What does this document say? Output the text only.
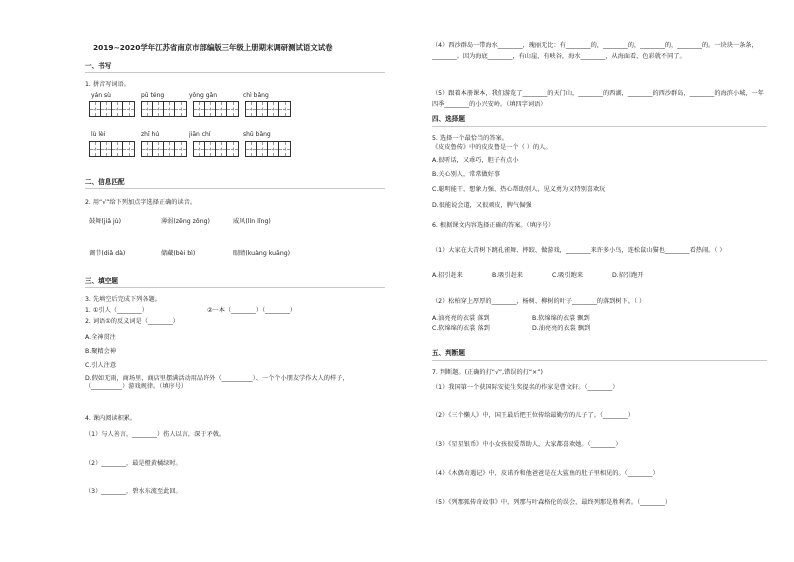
2019~2020学年江苏省南京市部编版三年级上册期末调研测试语文试卷
一、书写
1. 拼音写词语。
yán sù	pū téng	yǒng gǎn	chì bǎng
lù lèi	zhī hú	jiān chí	shū bāng
二、信息匹配
2. 用“√”给下列加点字选择正确的读音。
鼓舞(jiǎ jù)	薄弱(zēng zōng)	威风(lín lǐng)
调节(diǎ dà)	储藏(bèi bì)	眼睛(kuàng kuāng)
三、填空题
3. 先填空后完成下列各题。
1. ①引人（________）	②一本（________）（________）
2. 词语①的反义词是（________）
A.全神贯注
B.聚精会神
C.引人注意
D.假如无雨，商场里，商店里摆满活动用品许外（__________）、一个个小朋友学作大人的样子，（__________）游戏规律。（填序号）
4. 课内阅读积累。
（1）与人善言，________）伤人以言，深于矛戟。
（2）________，最是橙黄橘绿时。
（3）________，碧水东流至此回。
（4）西沙群岛一带海水________，瑰丽无比：有________的，________的，________的，________的。一块块一条条，________。因为海底________，有山崖，有峡谷，海水________，从海面看，色彩就不同了。
（5）跟着本册课本，我们游览了________的天门山，________的西湖，________的西沙群岛，________的海滨小城，一年四季________的小兴安岭。（填四字词语）
四、选择题
5. 选择一个最恰当的答案。
《皮皮鲁传》中的皮皮鲁是一个（ ）的人。
A.很听话，又乖巧，胆子有点小
B.关心别人，常常做好事
C.聪明能干、想象力强、热心帮助别人、见义勇为又特别喜欢玩
D.很能说会道，又很顽皮，脾气倔强
6. 根据课文内容选择正确的答案。（填序号）
（1）大家在大青树下跳孔雀舞、摔跤、做游戏，________来许多小鸟，连松鼠山猫也________看热闹。（ ）
A.招引赶来	B.吸引赶来	C.吸引跑来	D.招引跑开
（2）松柏穿上厚厚的________，杨树、柳树的叶子________的落到树下。（ ）
A.油亮亮的衣裳 落到	B.软绵绵的衣裳 飘到
C.软绵绵的衣裳 落到	D.油亮亮的衣裳 飘到
五、判断题
7. 判断题。(正确的打“√”,错误的打“×”)
（1）我国第一个获国际安徒生奖提名的作家是曹文轩。（________）
（2）《三个懒人》中，国王最后把王位传给最勤劳的儿子了。（________）
（3）《星星银币》中小女孩很爱帮助人，大家都喜欢她。（________）
（4）《木偶奇遇记》中，皮诺乔和他爸爸是在大鲨鱼的肚子里相见的。（________）
（5）《列那狐传奇故事》中，列那与叶森格伦的误会，最终列那是胜利者。（________）
